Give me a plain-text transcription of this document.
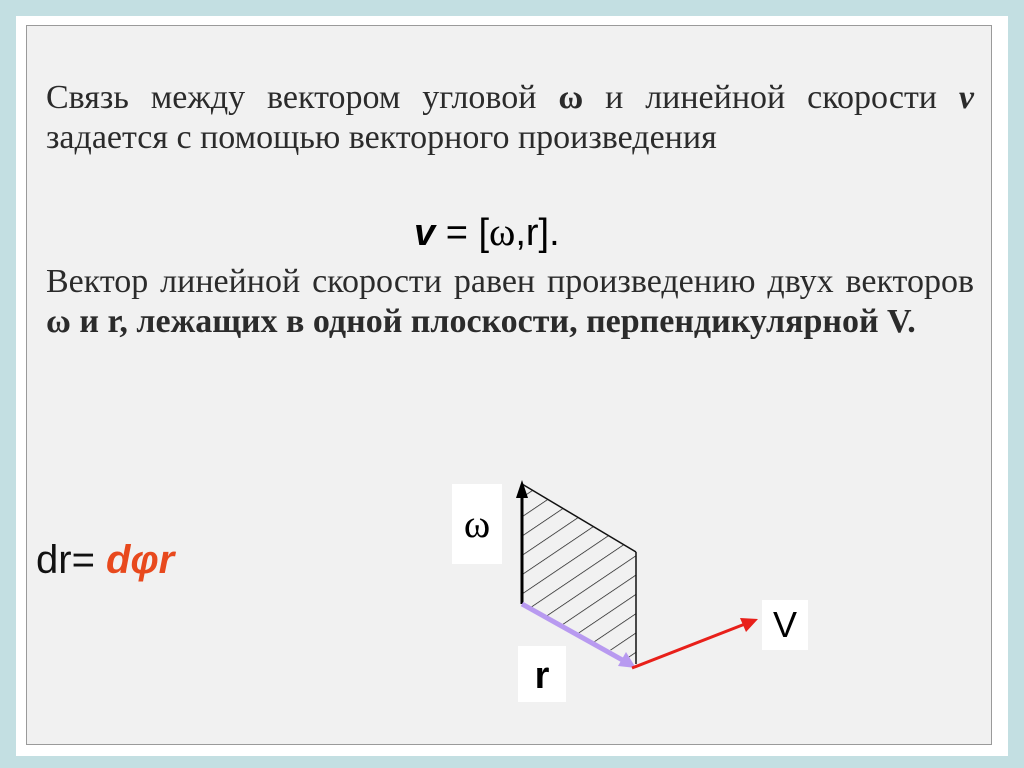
Связь между вектором угловой ω и линейной скорости v задается с помощью векторного произведения

v = [ω,r].

Вектор линейной скорости равен произведению двух векторов ω и r, лежащих в одной плоскости, перпендикулярной V.

dr= dφr
ω
V
r
